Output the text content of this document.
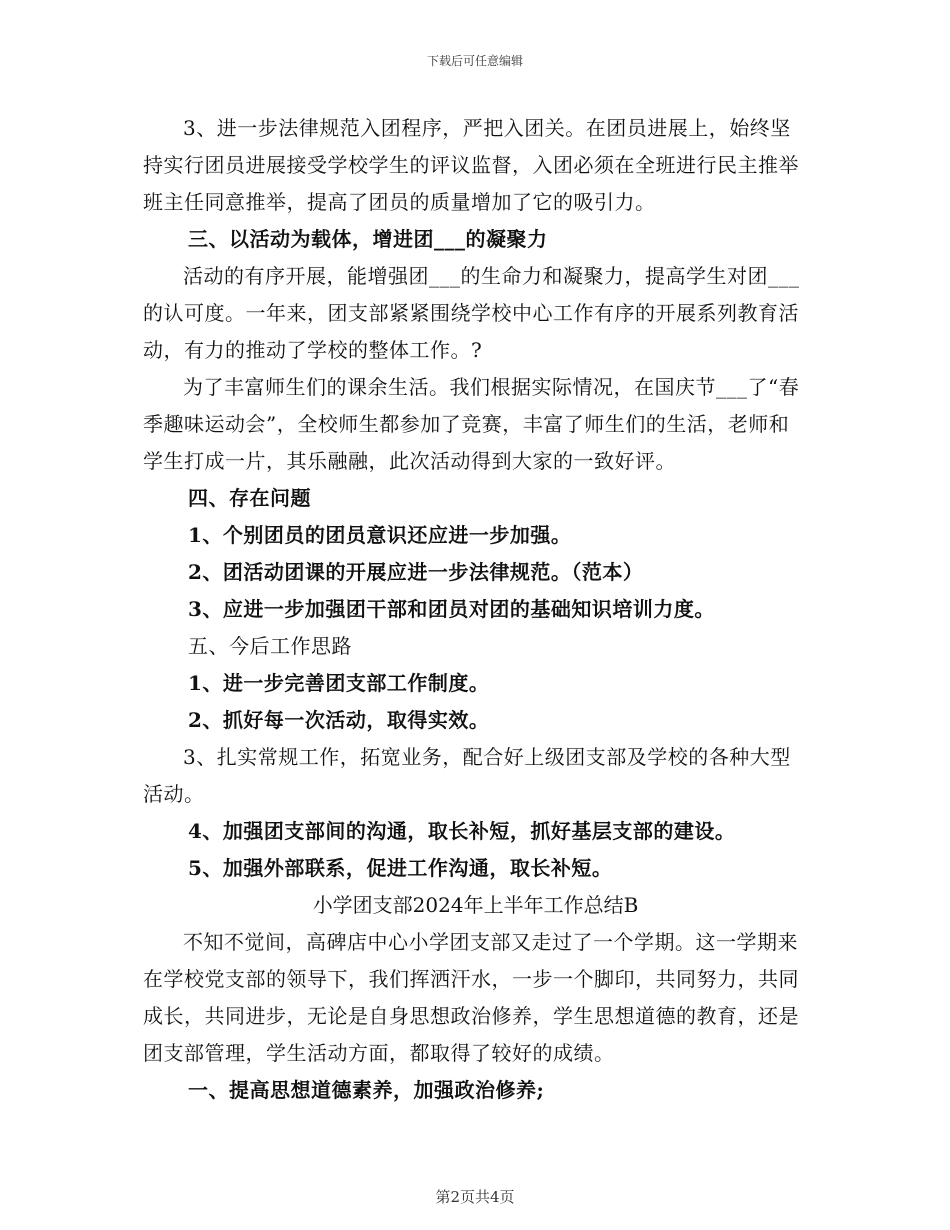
下载后可任意编辑

3、进一步法律规范入团程序，严把入团关。在团员进展上，始终坚持实行团员进展接受学校学生的评议监督，入团必须在全班进行民主推举班主任同意推举，提高了团员的质量增加了它的吸引力。

三、以活动为载体，增进团___的凝聚力

活动的有序开展，能增强团___的生命力和凝聚力，提高学生对团___的认可度。一年来，团支部紧紧围绕学校中心工作有序的开展系列教育活动，有力的推动了学校的整体工作。?

为了丰富师生们的课余生活。我们根据实际情况，在国庆节___了“春季趣味运动会”，全校师生都参加了竞赛，丰富了师生们的生活，老师和学生打成一片，其乐融融，此次活动得到大家的一致好评。

四、存在问题

1、个别团员的团员意识还应进一步加强。

2、团活动团课的开展应进一步法律规范。（范本）

3、应进一步加强团干部和团员对团的基础知识培训力度。

五、今后工作思路

1、进一步完善团支部工作制度。

2、抓好每一次活动，取得实效。

3、扎实常规工作，拓宽业务，配合好上级团支部及学校的各种大型活动。

4、加强团支部间的沟通，取长补短，抓好基层支部的建设。

5、加强外部联系，促进工作沟通，取长补短。

小学团支部2024年上半年工作总结B

不知不觉间，高碑店中心小学团支部又走过了一个学期。这一学期来在学校党支部的领导下，我们挥洒汗水，一步一个脚印，共同努力，共同成长，共同进步，无论是自身思想政治修养，学生思想道德的教育，还是团支部管理，学生活动方面，都取得了较好的成绩。

一、提高思想道德素养，加强政治修养;

第2页共4页
